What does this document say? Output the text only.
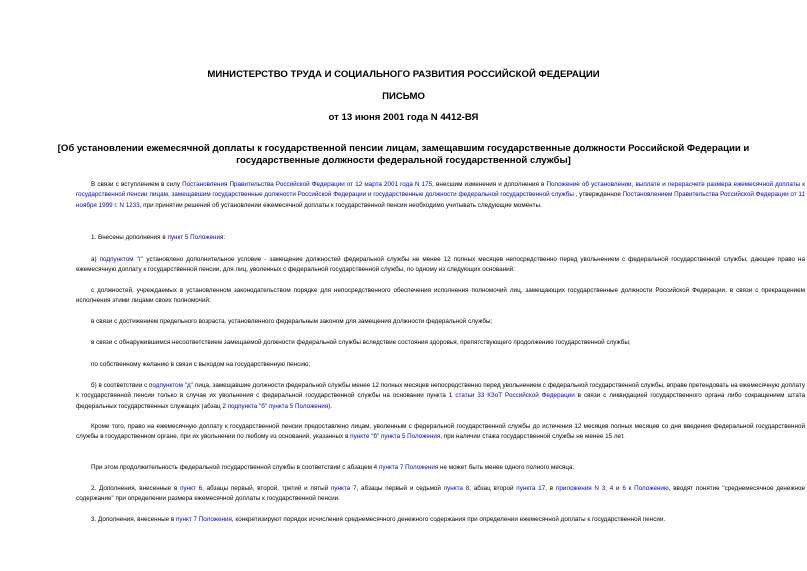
МИНИСТЕРСТВО ТРУДА И СОЦИАЛЬНОГО РАЗВИТИЯ РОССИЙСКОЙ ФЕДЕРАЦИИ
ПИСЬМО
от 13 июня 2001 года N 4412-ВЯ
[Об установлении ежемесячной доплаты к государственной пенсии лицам, замещавшим государственные должности Российской Федерации и государственные должности федеральной государственной службы]
В связи с вступлением в силу Постановления Правительства Российской Федерации от 12 марта 2001 года N 175, внесшим изменения и дополнения в Положение об установлении, выплате и перерасчете размера ежемесячной доплаты к государственной пенсии лицам, замещавшим государственные должности Российской Федерации и государственные должности федеральной государственной службы , утвержденное Постановлением Правительства Российской Федерации от 11 ноября 1999 г. N 1233, при принятии решений об установлении ежемесячной доплаты к государственной пенсии необходимо учитывать следующие моменты.
1. Внесены дополнения в пункт 5 Положения:
а) подпунктом "г" установлено дополнительное условие - замещение должностей федеральной службы не менее 12 полных месяцев непосредственно перед увольнением с федеральной государственной службы, дающее право на ежемесячную доплату к государственной пенсии, для лиц, уволенных с федеральной государственной службы, по одному из следующих оснований:
с должностей, учреждаемых в установленном законодательством порядке для непосредственного обеспечения исполнения полномочий лиц, замещающих государственные должности Российской Федерации, в связи с прекращением исполнения этими лицами своих полномочий;
в связи с достижением предельного возраста, установленного федеральным законом для замещения должности федеральной службы;
в связи с обнаружившимся несоответствием замещаемой должности федеральной службы вследствие состояния здоровья, препятствующего продолжению государственной службы;
по собственному желанию в связи с выходом на государственную пенсию;
б) в соответствии с подпунктом "д" лица, замещавшие должности федеральной службы менее 12 полных месяцев непосредственно перед увольнением с федеральной государственной службы, вправе претендовать на ежемесячную доплату к государственной пенсии только в случае их увольнения с федеральной государственной службы на основании пункта 1 статьи 33 КЗоТ Российской Федерации в связи с ликвидацией государственного органа либо сокращением штата федеральных государственных служащих (абзац 2 подпункта "б" пункта 5 Положения).
Кроме того, право на ежемесячную доплату к государственной пенсии предоставлено лицам, уволенным с федеральной государственной службы до истечения 12 месяцев полных месяцев со дня введения федеральной государственной службы в государственном органе, при их увольнении по любому из оснований, указанных в пункте "б" пункта 5 Положения, при наличии стажа государственной службы не менее 15 лет.
При этом продолжительность федеральной государственной службы в соответствии с абзацем 4 пункта 7 Положения не может быть менее одного полного месяца.
2. Дополнения, внесенные в пункт 6, абзацы первый, второй, третий и пятый пункта 7, абзацы первый и седьмой пункта 8, абзац второй пункта 17, в приложения N 3, 4 и 6 к Положению, вводят понятие "среднемесячное денежное содержание" при определении размера ежемесячной доплаты к государственной пенсии.
3. Дополнения, внесенные в пункт 7 Положения, конкретизируют порядок исчисления среднемесячного денежного содержания при определении ежемесячной доплаты к государственной пенсии.
